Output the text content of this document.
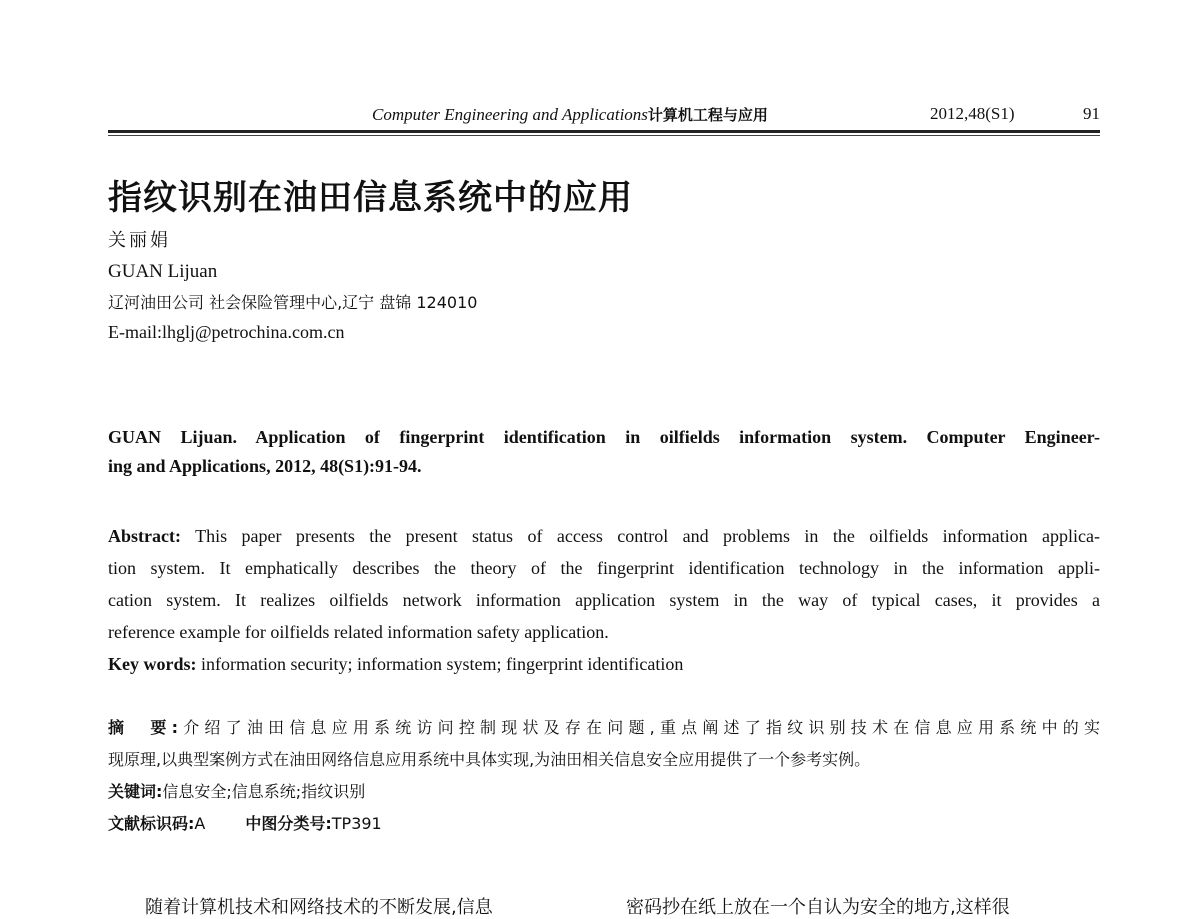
Computer Engineering and Applications计算机工程与应用	2012,48(S1)	91
指纹识别在油田信息系统中的应用
关丽娟
GUAN Lijuan
辽河油田公司 社会保险管理中心,辽宁 盘锦 124010
E-mail:lhglj@petrochina.com.cn
GUAN Lijuan. Application of fingerprint identification in oilfields information system. Computer Engineer-
ing and Applications, 2012, 48(S1):91-94.
Abstract: This paper presents the present status of access control and problems in the oilfields information applica-
tion system. It emphatically describes the theory of the fingerprint identification technology in the information appli-
cation system. It realizes oilfields network information application system in the way of typical cases, it provides a
reference example for oilfields related information safety application.
Key words: information security; information system; fingerprint identification
摘　要:介绍了油田信息应用系统访问控制现状及存在问题,重点阐述了指纹识别技术在信息应用系统中的实
现原理,以典型案例方式在油田网络信息应用系统中具体实现,为油田相关信息安全应用提供了一个参考实例。
关键词:信息安全;信息系统;指纹识别
文献标识码:A	中图分类号:TP391
随着计算机技术和网络技术的不断发展,信息	密码抄在纸上放在一个自认为安全的地方,这样很
